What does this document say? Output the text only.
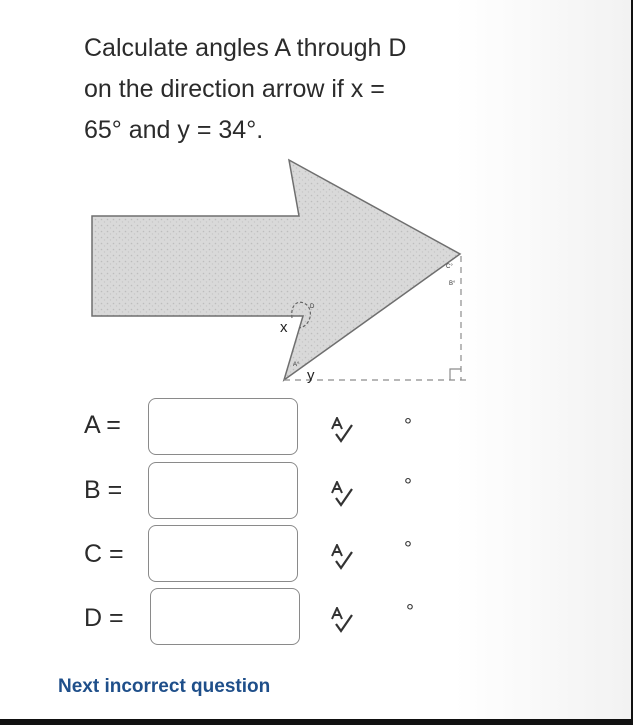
Calculate angles A through D
on the direction arrow if x =
65° and y = 34°.
x
y
A°
B°
C°
D
A =	°
B =	°
C =	°
D =	°
Next incorrect question
